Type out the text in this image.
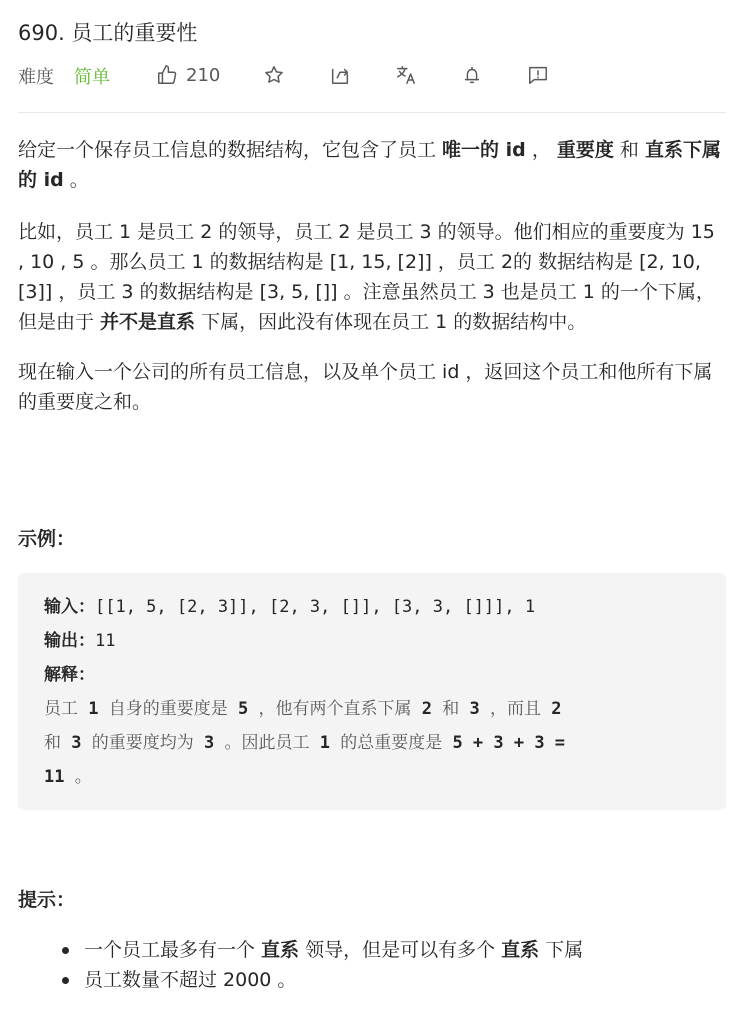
690. 员工的重要性
难度 简单	210

给定一个保存员工信息的数据结构，它包含了员工 唯一的 id ， 重要度 和 直系下属的 id 。

比如，员工 1 是员工 2 的领导，员工 2 是员工 3 的领导。他们相应的重要度为 15 , 10 , 5 。那么员工 1 的数据结构是 [1, 15, [2]] ，员工 2的 数据结构是 [2, 10, [3]] ，员工 3 的数据结构是 [3, 5, []] 。注意虽然员工 3 也是员工 1 的一个下属，但是由于 并不是直系 下属，因此没有体现在员工 1 的数据结构中。

现在输入一个公司的所有员工信息，以及单个员工 id ，返回这个员工和他所有下属的重要度之和。

示例：
输入：[[1, 5, [2, 3]], [2, 3, []], [3, 3, []]], 1
输出：11
解释：
员工 1 自身的重要度是 5 ，他有两个直系下属 2 和 3 ，而且 2
和 3 的重要度均为 3 。因此员工 1 的总重要度是 5 + 3 + 3 =
11 。
提示：
一个员工最多有一个 直系 领导，但是可以有多个 直系 下属
员工数量不超过 2000 。
